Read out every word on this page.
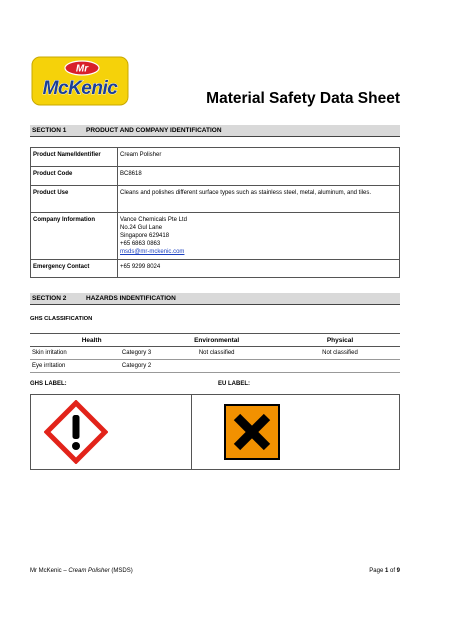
Mr
McKenic	Material Safety Data Sheet
SECTION 1	PRODUCT AND COMPANY IDENTIFICATION
Product Name/Identifier	Cream Polisher
Product Code	BC8618
Product Use	Cleans and polishes different surface types such as stainless steel, metal, aluminum, and tiles.
Company Information	Vance Chemicals Pte Ltd
No.24 Gul Lane
Singapore 629418
+65 6863 0863
msds@mr-mckenic.com

Emergency Contact	+65 9299 8024
SECTION 2	HAZARDS INDENTIFICATION
GHS CLASSIFICATION
Health		Environmental	Physical
Skin irritation	Category 3	Not classified	Not classified
Eye irritation	Category 2		
GHS LABEL:	EU LABEL:
Mr McKenic – Cream Polisher (MSDS)	Page 1 of 9
